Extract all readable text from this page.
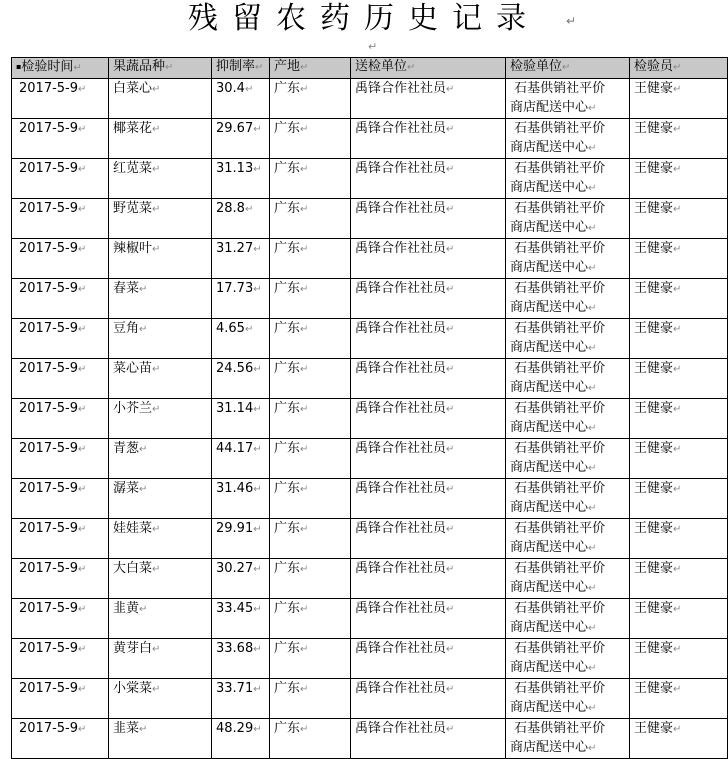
残留农药历史记录	↵
↵
▪检验时间↵	果蔬品种↵	抑制率↵	产地↵	送检单位↵	检验单位↵	检验员↵
2017-5-9↵	白菜心↵	30.4↵	广东↵	禹锋合作社社员↵	石基供销社平价
商店配送中心↵	王健豪↵
2017-5-9↵	椰菜花↵	29.67↵	广东↵	禹锋合作社社员↵	石基供销社平价
商店配送中心↵	王健豪↵
2017-5-9↵	红苋菜↵	31.13↵	广东↵	禹锋合作社社员↵	石基供销社平价
商店配送中心↵	王健豪↵
2017-5-9↵	野苋菜↵	28.8↵	广东↵	禹锋合作社社员↵	石基供销社平价
商店配送中心↵	王健豪↵
2017-5-9↵	辣椒叶↵	31.27↵	广东↵	禹锋合作社社员↵	石基供销社平价
商店配送中心↵	王健豪↵
2017-5-9↵	春菜↵	17.73↵	广东↵	禹锋合作社社员↵	石基供销社平价
商店配送中心↵	王健豪↵
2017-5-9↵	豆角↵	4.65↵	广东↵	禹锋合作社社员↵	石基供销社平价
商店配送中心↵	王健豪↵
2017-5-9↵	菜心苗↵	24.56↵	广东↵	禹锋合作社社员↵	石基供销社平价
商店配送中心↵	王健豪↵
2017-5-9↵	小芥兰↵	31.14↵	广东↵	禹锋合作社社员↵	石基供销社平价
商店配送中心↵	王健豪↵
2017-5-9↵	青葱↵	44.17↵	广东↵	禹锋合作社社员↵	石基供销社平价
商店配送中心↵	王健豪↵
2017-5-9↵	潺菜↵	31.46↵	广东↵	禹锋合作社社员↵	石基供销社平价
商店配送中心↵	王健豪↵
2017-5-9↵	娃娃菜↵	29.91↵	广东↵	禹锋合作社社员↵	石基供销社平价
商店配送中心↵	王健豪↵
2017-5-9↵	大白菜↵	30.27↵	广东↵	禹锋合作社社员↵	石基供销社平价
商店配送中心↵	王健豪↵
2017-5-9↵	韭黄↵	33.45↵	广东↵	禹锋合作社社员↵	石基供销社平价
商店配送中心↵	王健豪↵
2017-5-9↵	黄芽白↵	33.68↵	广东↵	禹锋合作社社员↵	石基供销社平价
商店配送中心↵	王健豪↵
2017-5-9↵	小棠菜↵	33.71↵	广东↵	禹锋合作社社员↵	石基供销社平价
商店配送中心↵	王健豪↵
2017-5-9↵	韭菜↵	48.29↵	广东↵	禹锋合作社社员↵	石基供销社平价
商店配送中心↵	王健豪↵
